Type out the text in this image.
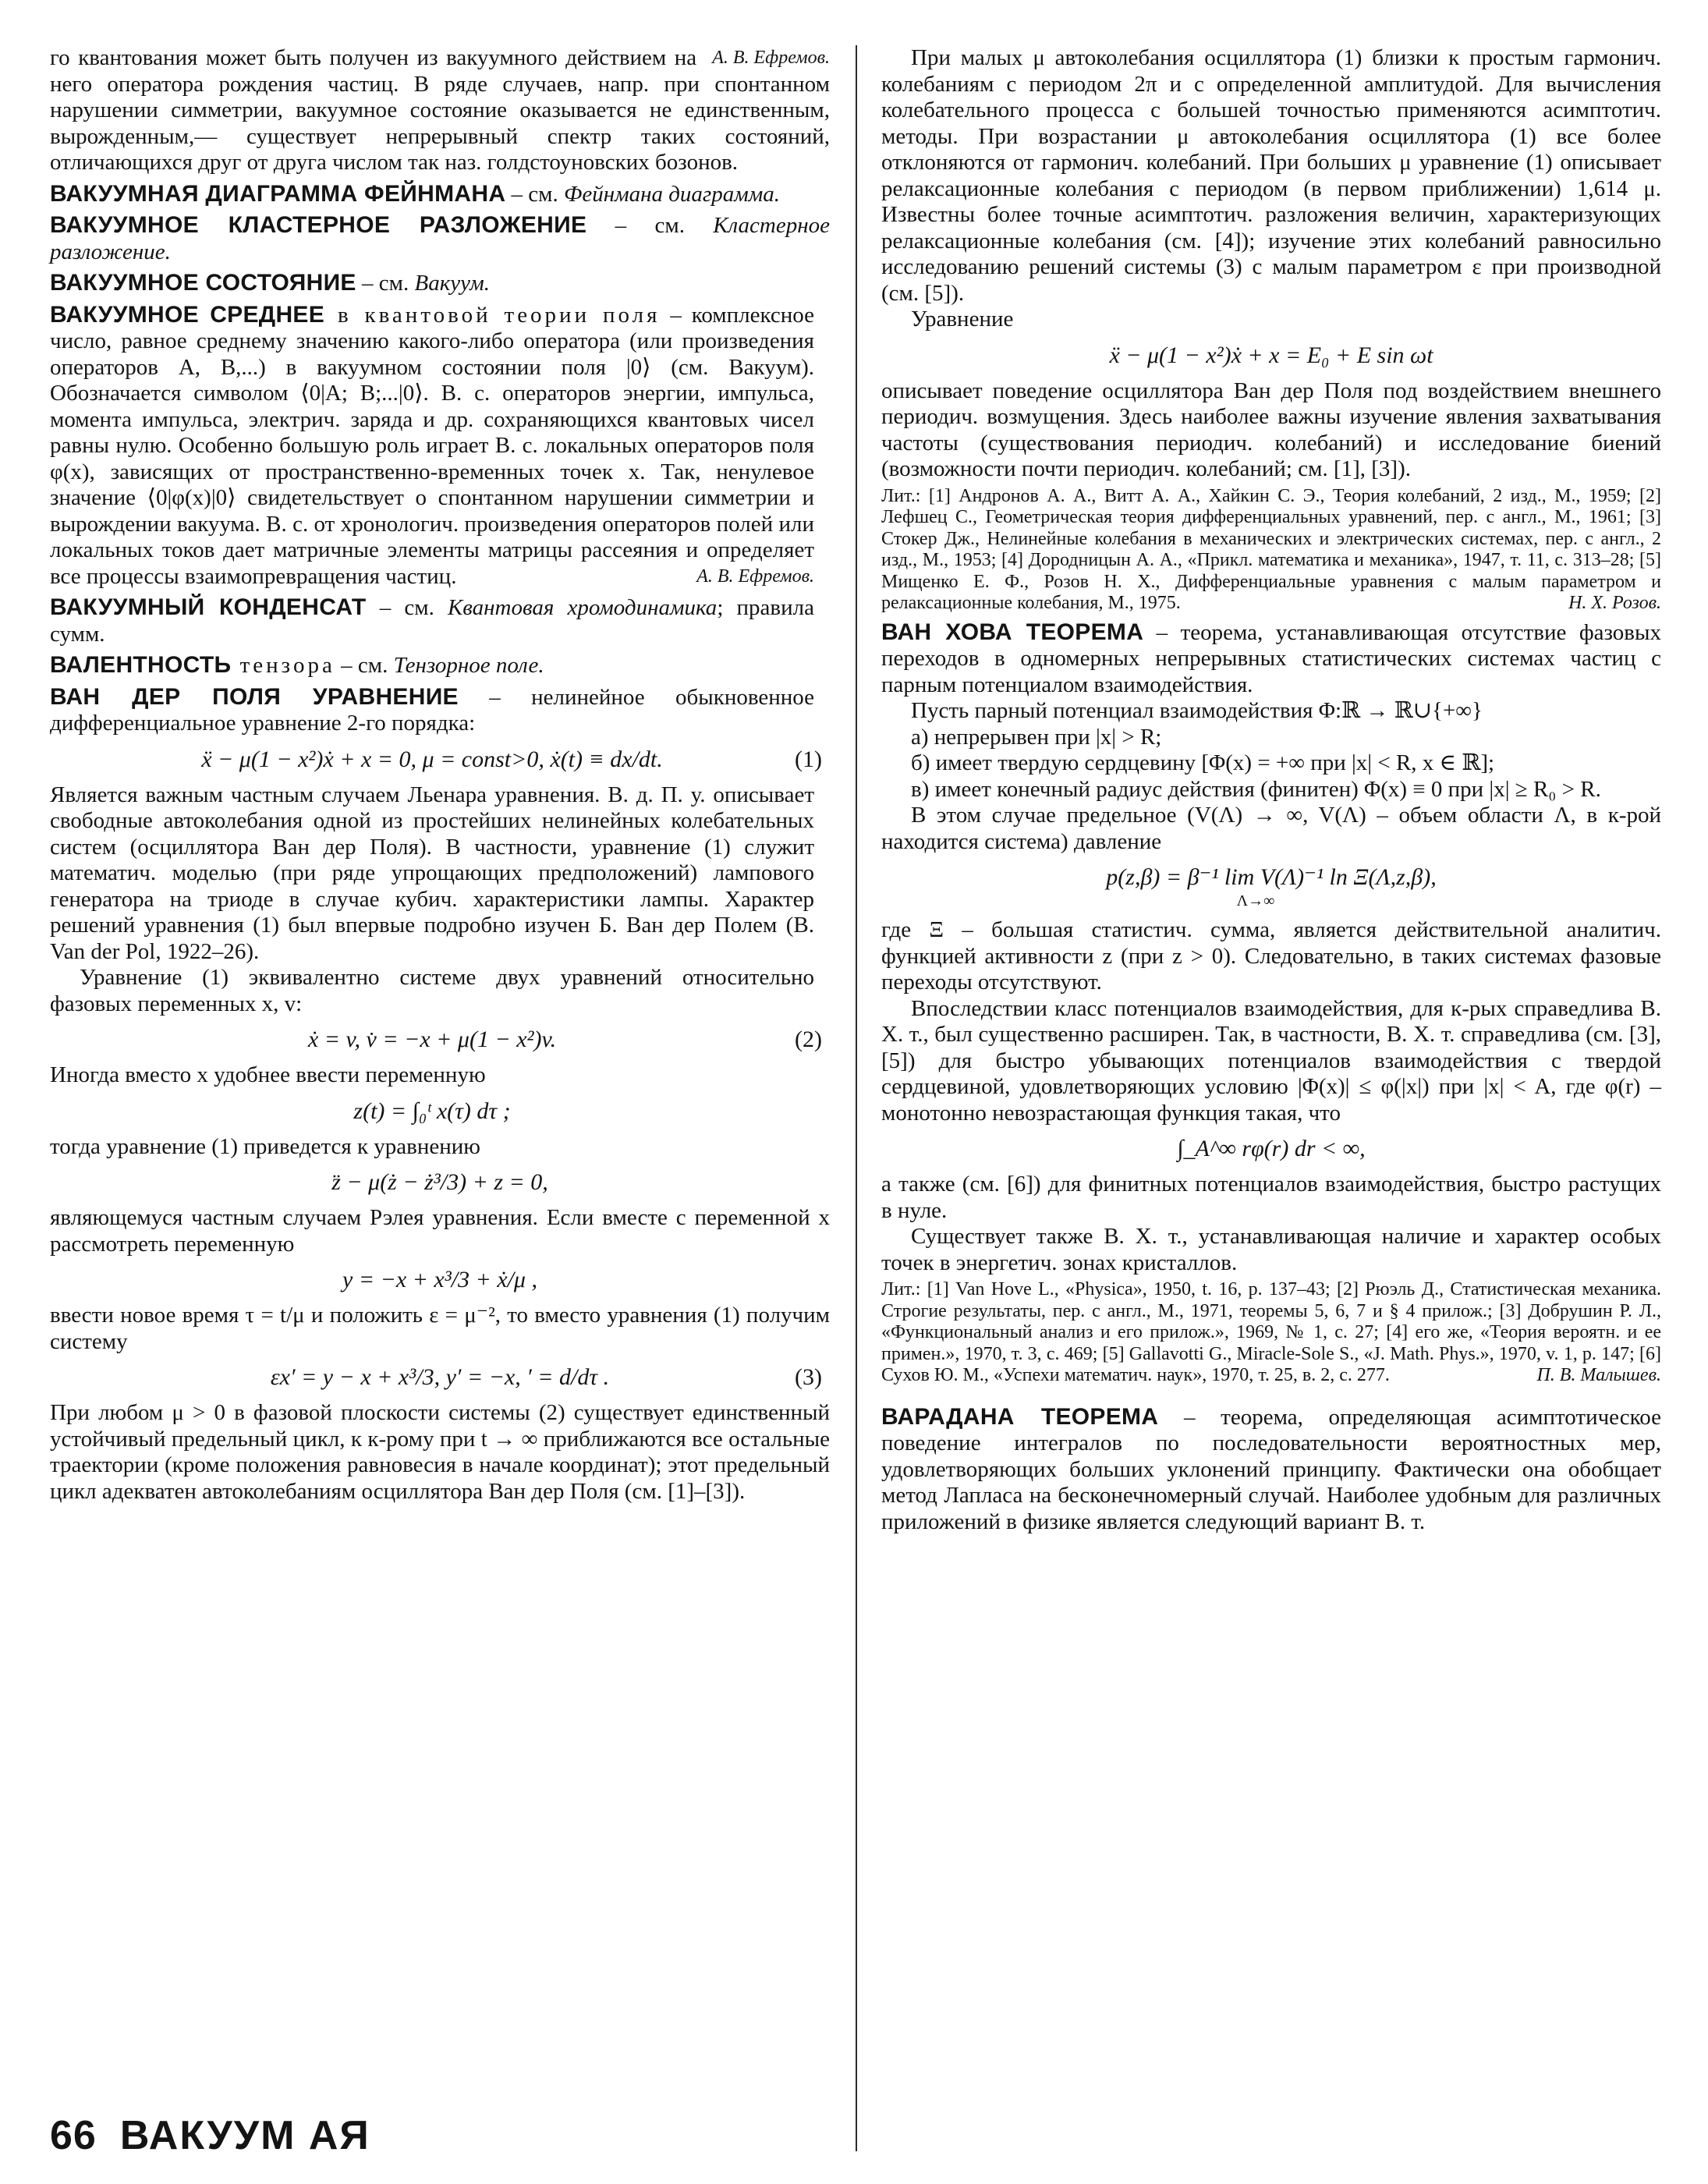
А. В. Ефремов.
го квантования может быть получен из вакуумного действием на него оператора рождения частиц. В ряде случаев, напр. при спонтанном нарушении симметрии, вакуумное состояние оказывается не единственным, вырожденным,— существует непрерывный спектр таких состояний, отличающихся друг от друга числом так наз. голдстоуновских бозонов.

ВАКУУМНАЯ ДИАГРАММА ФЕЙНМАНА – см. Фейнмана диаграмма.

ВАКУУМНОЕ КЛАСТЕРНОЕ РАЗЛОЖЕНИЕ – см. Кластерное разложение.

ВАКУУМНОЕ СОСТОЯНИЕ – см. Вакуум.

ВАКУУМНОЕ СРЕДНЕЕ в квантовой теории поля – комплексное число, равное среднему значению какого-либо оператора (или произведения операторов A, B,...) в вакуумном состоянии поля |0⟩ (см. Вакуум). Обозначается символом ⟨0|A; B;...|0⟩. В. с. операторов энергии, импульса, момента импульса, электрич. заряда и др. сохраняющихся квантовых чисел равны нулю. Особенно большую роль играет В. с. локальных операторов поля φ(x), зависящих от пространственно-временных точек x. Так, ненулевое значение ⟨0|φ(x)|0⟩ свидетельствует о спонтанном нарушении симметрии и вырождении вакуума. В. с. от хронологич. произведения операторов полей или локальных токов дает матричные элементы матрицы рассеяния и определяет все процессы взаимопревращения частиц.	А. В. Ефремов.

ВАКУУМНЫЙ КОНДЕНСАТ – см. Квантовая хромодинамика; правила сумм.

ВАЛЕНТНОСТЬ тензора – см. Тензорное поле.

ВАН ДЕР ПОЛЯ УРАВНЕНИЕ – нелинейное обыкновенное дифференциальное уравнение 2-го порядка:

ẍ − μ(1 − x²)ẋ + x = 0, μ = const>0, ẋ(t) ≡ dx/dt.	(1)

Является важным частным случаем Льенара уравнения. В. д. П. у. описывает свободные автоколебания одной из простейших нелинейных колебательных систем (осциллятора Ван дер Поля). В частности, уравнение (1) служит математич. моделью (при ряде упрощающих предположений) лампового генератора на триоде в случае кубич. характеристики лампы. Характер решений уравнения (1) был впервые подробно изучен Б. Ван дер Полем (B. Van der Pol, 1922–26).

Уравнение (1) эквивалентно системе двух уравнений относительно фазовых переменных x, v:

ẋ = v, v̇ = −x + μ(1 − x²)v.	(2)

Иногда вместо x удобнее ввести переменную

z(t) = ∫₀ᵗ x(τ) dτ ;

тогда уравнение (1) приведется к уравнению

z̈ − μ(ż − ż³/3) + z = 0,

являющемуся частным случаем Рэлея уравнения. Если вместе с переменной x рассмотреть переменную

y = −x + x³/3 + ẋ/μ ,

ввести новое время τ = t/μ и положить ε = μ⁻², то вместо уравнения (1) получим систему

εx′ = y − x + x³/3, y′ = −x, ′ = d/dτ .	(3)

При любом μ > 0 в фазовой плоскости системы (2) существует единственный устойчивый предельный цикл, к к-рому при t → ∞ приближаются все остальные траектории (кроме положения равновесия в начале координат); этот предельный цикл адекватен автоколебаниям осциллятора Ван дер Поля (см. [1]–[3]).

При малых μ автоколебания осциллятора (1) близки к простым гармонич. колебаниям с периодом 2π и с определенной амплитудой. Для вычисления колебательного процесса с большей точностью применяются асимптотич. методы. При возрастании μ автоколебания осциллятора (1) все более отклоняются от гармонич. колебаний. При больших μ уравнение (1) описывает релаксационные колебания с периодом (в первом приближении) 1,614 μ. Известны более точные асимптотич. разложения величин, характеризующих релаксационные колебания (см. [4]); изучение этих колебаний равносильно исследованию решений системы (3) с малым параметром ε при производной (см. [5]).

Уравнение

ẍ − μ(1 − x²)ẋ + x = E₀ + E sin ωt

описывает поведение осциллятора Ван дер Поля под воздействием внешнего периодич. возмущения. Здесь наиболее важны изучение явления захватывания частоты (существования периодич. колебаний) и исследование биений (возможности почти периодич. колебаний; см. [1], [3]).

Лит.: [1] Андронов А. А., Витт А. А., Хайкин С. Э., Теория колебаний, 2 изд., М., 1959; [2] Лефшец С., Геометрическая теория дифференциальных уравнений, пер. с англ., М., 1961; [3] Стокер Дж., Нелинейные колебания в механических и электрических системах, пер. с англ., 2 изд., М., 1953; [4] Дородницын А. А., «Прикл. математика и механика», 1947, т. 11, с. 313–28; [5] Мищенко Е. Ф., Розов Н. Х., Дифференциальные уравнения с малым параметром и релаксационные колебания, М., 1975.	Н. Х. Розов.

ВАН ХОВА ТЕОРЕМА – теорема, устанавливающая отсутствие фазовых переходов в одномерных непрерывных статистических системах частиц с парным потенциалом взаимодействия.

Пусть парный потенциал взаимодействия Φ:ℝ → ℝ∪{+∞}

а) непрерывен при |x| > R;

б) имеет твердую сердцевину [Φ(x) = +∞ при |x| < R, x ∈ ℝ];

в) имеет конечный радиус действия (финитен) Φ(x) ≡ 0 при |x| ≥ R₀ > R.

В этом случае предельное (V(Λ) → ∞, V(Λ) – объем области Λ, в к-рой находится система) давление

p(z,β) = β⁻¹ lim V(Λ)⁻¹ ln Ξ(Λ,z,β),
Λ→∞

где Ξ – большая статистич. сумма, является действительной аналитич. функцией активности z (при z > 0). Следовательно, в таких системах фазовые переходы отсутствуют.

Впоследствии класс потенциалов взаимодействия, для к-рых справедлива В. Х. т., был существенно расширен. Так, в частности, В. Х. т. справедлива (см. [3], [5]) для быстро убывающих потенциалов взаимодействия с твердой сердцевиной, удовлетворяющих условию |Φ(x)| ≤ φ(|x|) при |x| < A, где φ(r) – монотонно невозрастающая функция такая, что

∫_A^∞ rφ(r) dr < ∞,

а также (см. [6]) для финитных потенциалов взаимодействия, быстро растущих в нуле.

Существует также В. Х. т., устанавливающая наличие и характер особых точек в энергетич. зонах кристаллов.

Лит.: [1] Van Hove L., «Physica», 1950, t. 16, p. 137–43; [2] Рюэль Д., Статистическая механика. Строгие результаты, пер. с англ., М., 1971, теоремы 5, 6, 7 и § 4 прилож.; [3] Добрушин Р. Л., «Функциональный анализ и его прилож.», 1969, № 1, с. 27; [4] его же, «Теория вероятн. и ее примен.», 1970, т. 3, с. 469; [5] Gallavotti G., Miracle-Sole S., «J. Math. Phys.», 1970, v. 1, p. 147; [6] Сухов Ю. М., «Успехи математич. наук», 1970, т. 25, в. 2, с. 277.	П. В. Малышев.

ВАРАДАНА ТЕОРЕМА – теорема, определяющая асимптотическое поведение интегралов по последовательности вероятностных мер, удовлетворяющих больших уклонений принципу. Фактически она обобщает метод Лапласа на бесконечномерный случай. Наиболее удобным для различных приложений в физике является следующий вариант В. т.

66 ВАКУУМ АЯ
